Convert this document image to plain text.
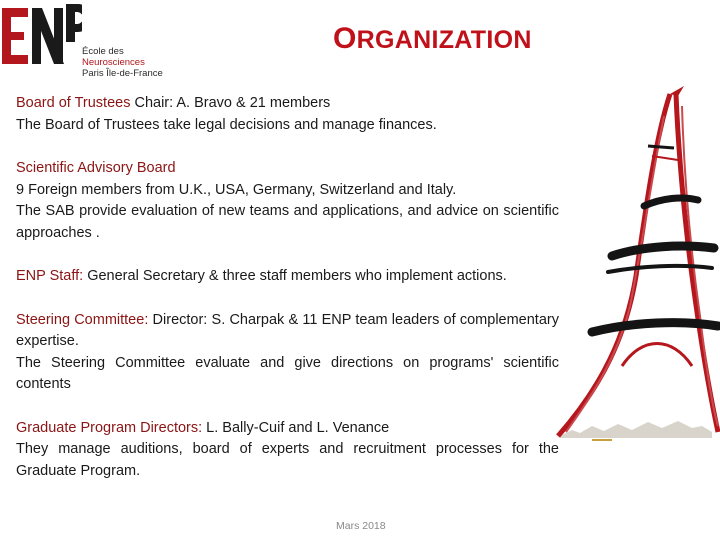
École des
Neurosciences
Paris Île-de-France
ORGANIZATION
Board of Trustees Chair: A. Bravo & 21 members
The Board of Trustees take legal decisions and manage finances.
Scientific Advisory Board
9 Foreign members from U.K., USA, Germany, Switzerland and Italy.
The SAB provide evaluation of new teams and applications, and advice on scientific approaches .
ENP Staff: General Secretary & three staff members who implement actions.
Steering Committee: Director: S. Charpak & 11 ENP team leaders of complementary expertise.
The Steering Committee evaluate and give directions on programs' scientific contents
Graduate Program Directors: L. Bally-Cuif and L. Venance
They manage auditions, board of experts and recruitment processes for the Graduate Program.
Mars 2018
